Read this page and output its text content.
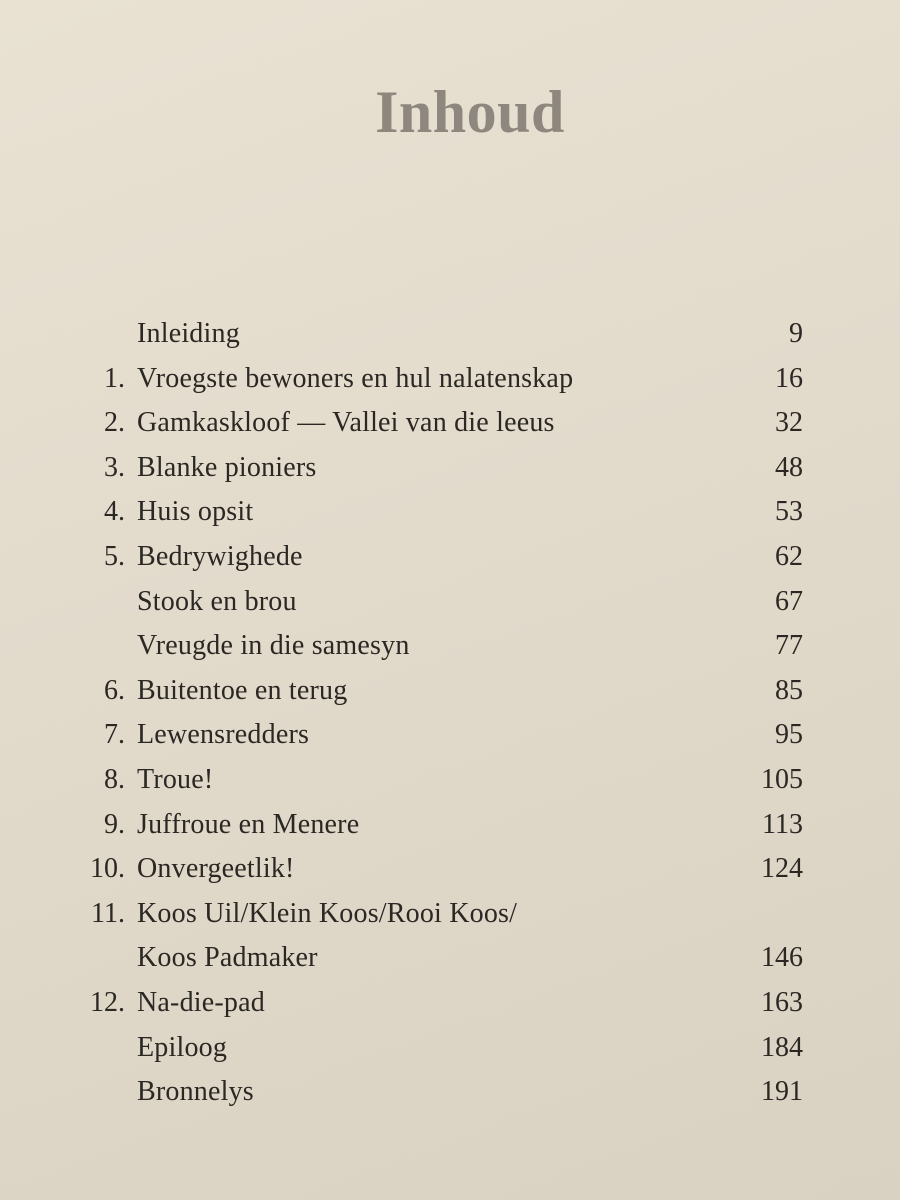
Inhoud
Inleiding	9
1. Vroegste bewoners en hul nalatenskap	16
2. Gamkaskloof — Vallei van die leeus	32
3. Blanke pioniers	48
4. Huis opsit	53
5. Bedrywighede	62
Stook en brou	67
Vreugde in die samesyn	77
6. Buitentoe en terug	85
7. Lewensredders	95
8. Troue!	105
9. Juffroue en Menere	113
10. Onvergeetlik!	124
11. Koos Uil/Klein Koos/Rooi Koos/
Koos Padmaker	146
12. Na-die-pad	163
Epiloog	184
Bronnelys	191
